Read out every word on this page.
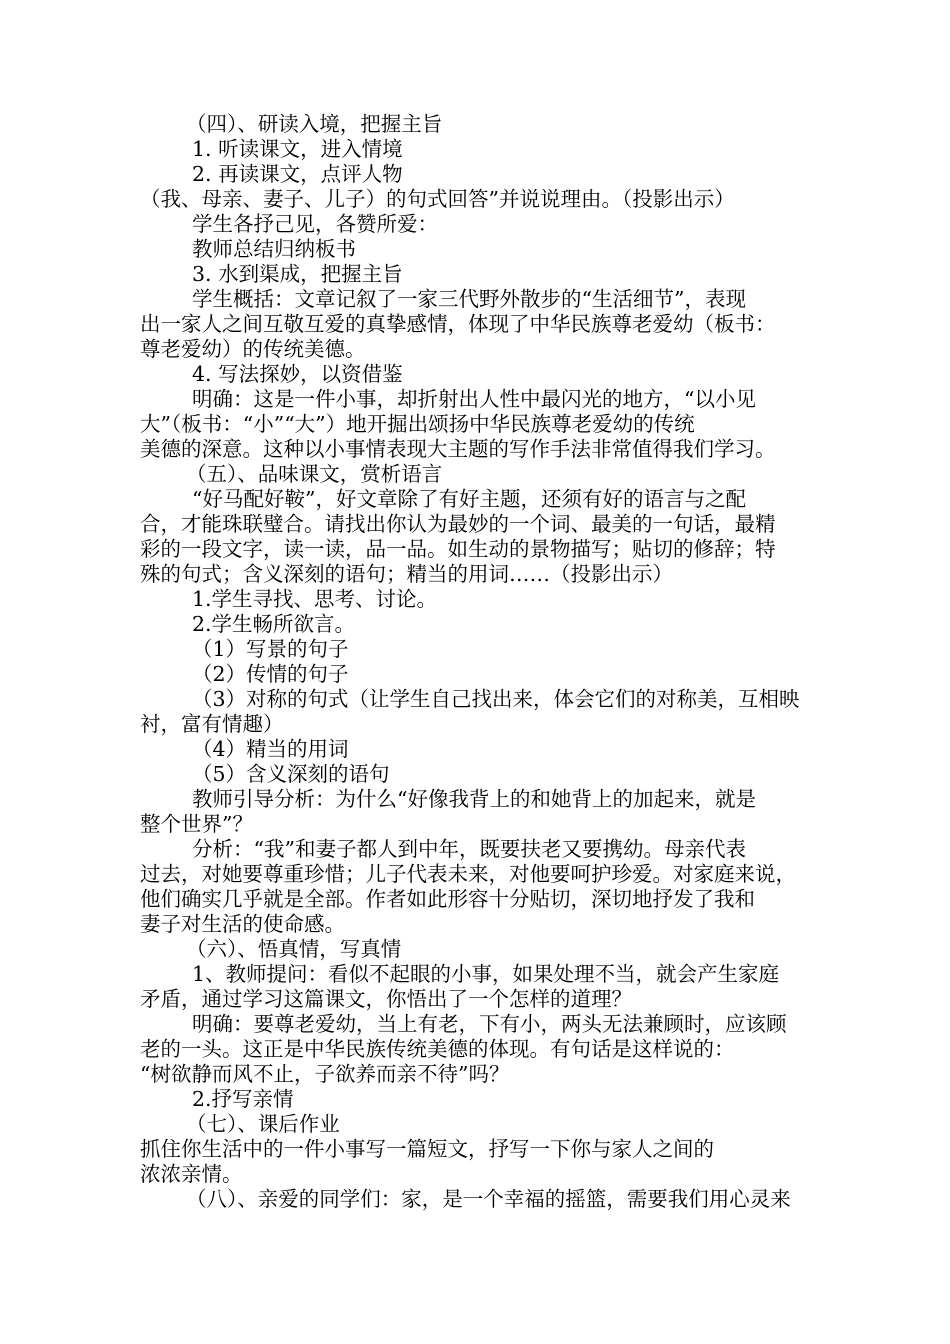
（四）、研读入境，把握主旨
1. 听读课文，进入情境
2. 再读课文，点评人物
（我、母亲、妻子、儿子）的句式回答”并说说理由。（投影出示）
学生各抒己见，各赞所爱：
教师总结归纳板书
3. 水到渠成，把握主旨
学生概括：文章记叙了一家三代野外散步的“生活细节”，表现
出一家人之间互敬互爱的真挚感情，体现了中华民族尊老爱幼（板书：
尊老爱幼）的传统美德。
4. 写法探妙，以资借鉴
明确：这是一件小事，却折射出人性中最闪光的地方，“以小见
大”（板书：“小”“大”）地开掘出颂扬中华民族尊老爱幼的传统
美德的深意。这种以小事情表现大主题的写作手法非常值得我们学习。
（五）、品味课文，赏析语言
“好马配好鞍”，好文章除了有好主题，还须有好的语言与之配
合，才能珠联璧合。请找出你认为最妙的一个词、最美的一句话，最精
彩的一段文字，读一读，品一品。如生动的景物描写；贴切的修辞；特
殊的句式；含义深刻的语句；精当的用词……（投影出示）
1.学生寻找、思考、讨论。
2.学生畅所欲言。
（1）写景的句子
（2）传情的句子
（3）对称的句式（让学生自己找出来，体会它们的对称美，互相映
衬，富有情趣）
（4）精当的用词
（5）含义深刻的语句
教师引导分析：为什么“好像我背上的和她背上的加起来，就是
整个世界”？
分析：“我”和妻子都人到中年，既要扶老又要携幼。母亲代表
过去，对她要尊重珍惜；儿子代表未来，对他要呵护珍爱。对家庭来说，
他们确实几乎就是全部。作者如此形容十分贴切，深切地抒发了我和
妻子对生活的使命感。
（六）、悟真情，写真情
1、教师提问：看似不起眼的小事，如果处理不当，就会产生家庭
矛盾，通过学习这篇课文，你悟出了一个怎样的道理？
明确：要尊老爱幼，当上有老，下有小，两头无法兼顾时，应该顾
老的一头。这正是中华民族传统美德的体现。有句话是这样说的：
“树欲静而风不止，子欲养而亲不待”吗？
2.抒写亲情
（七）、课后作业
抓住你生活中的一件小事写一篇短文，抒写一下你与家人之间的
浓浓亲情。
（八）、亲爱的同学们：家，是一个幸福的摇篮，需要我们用心灵来
